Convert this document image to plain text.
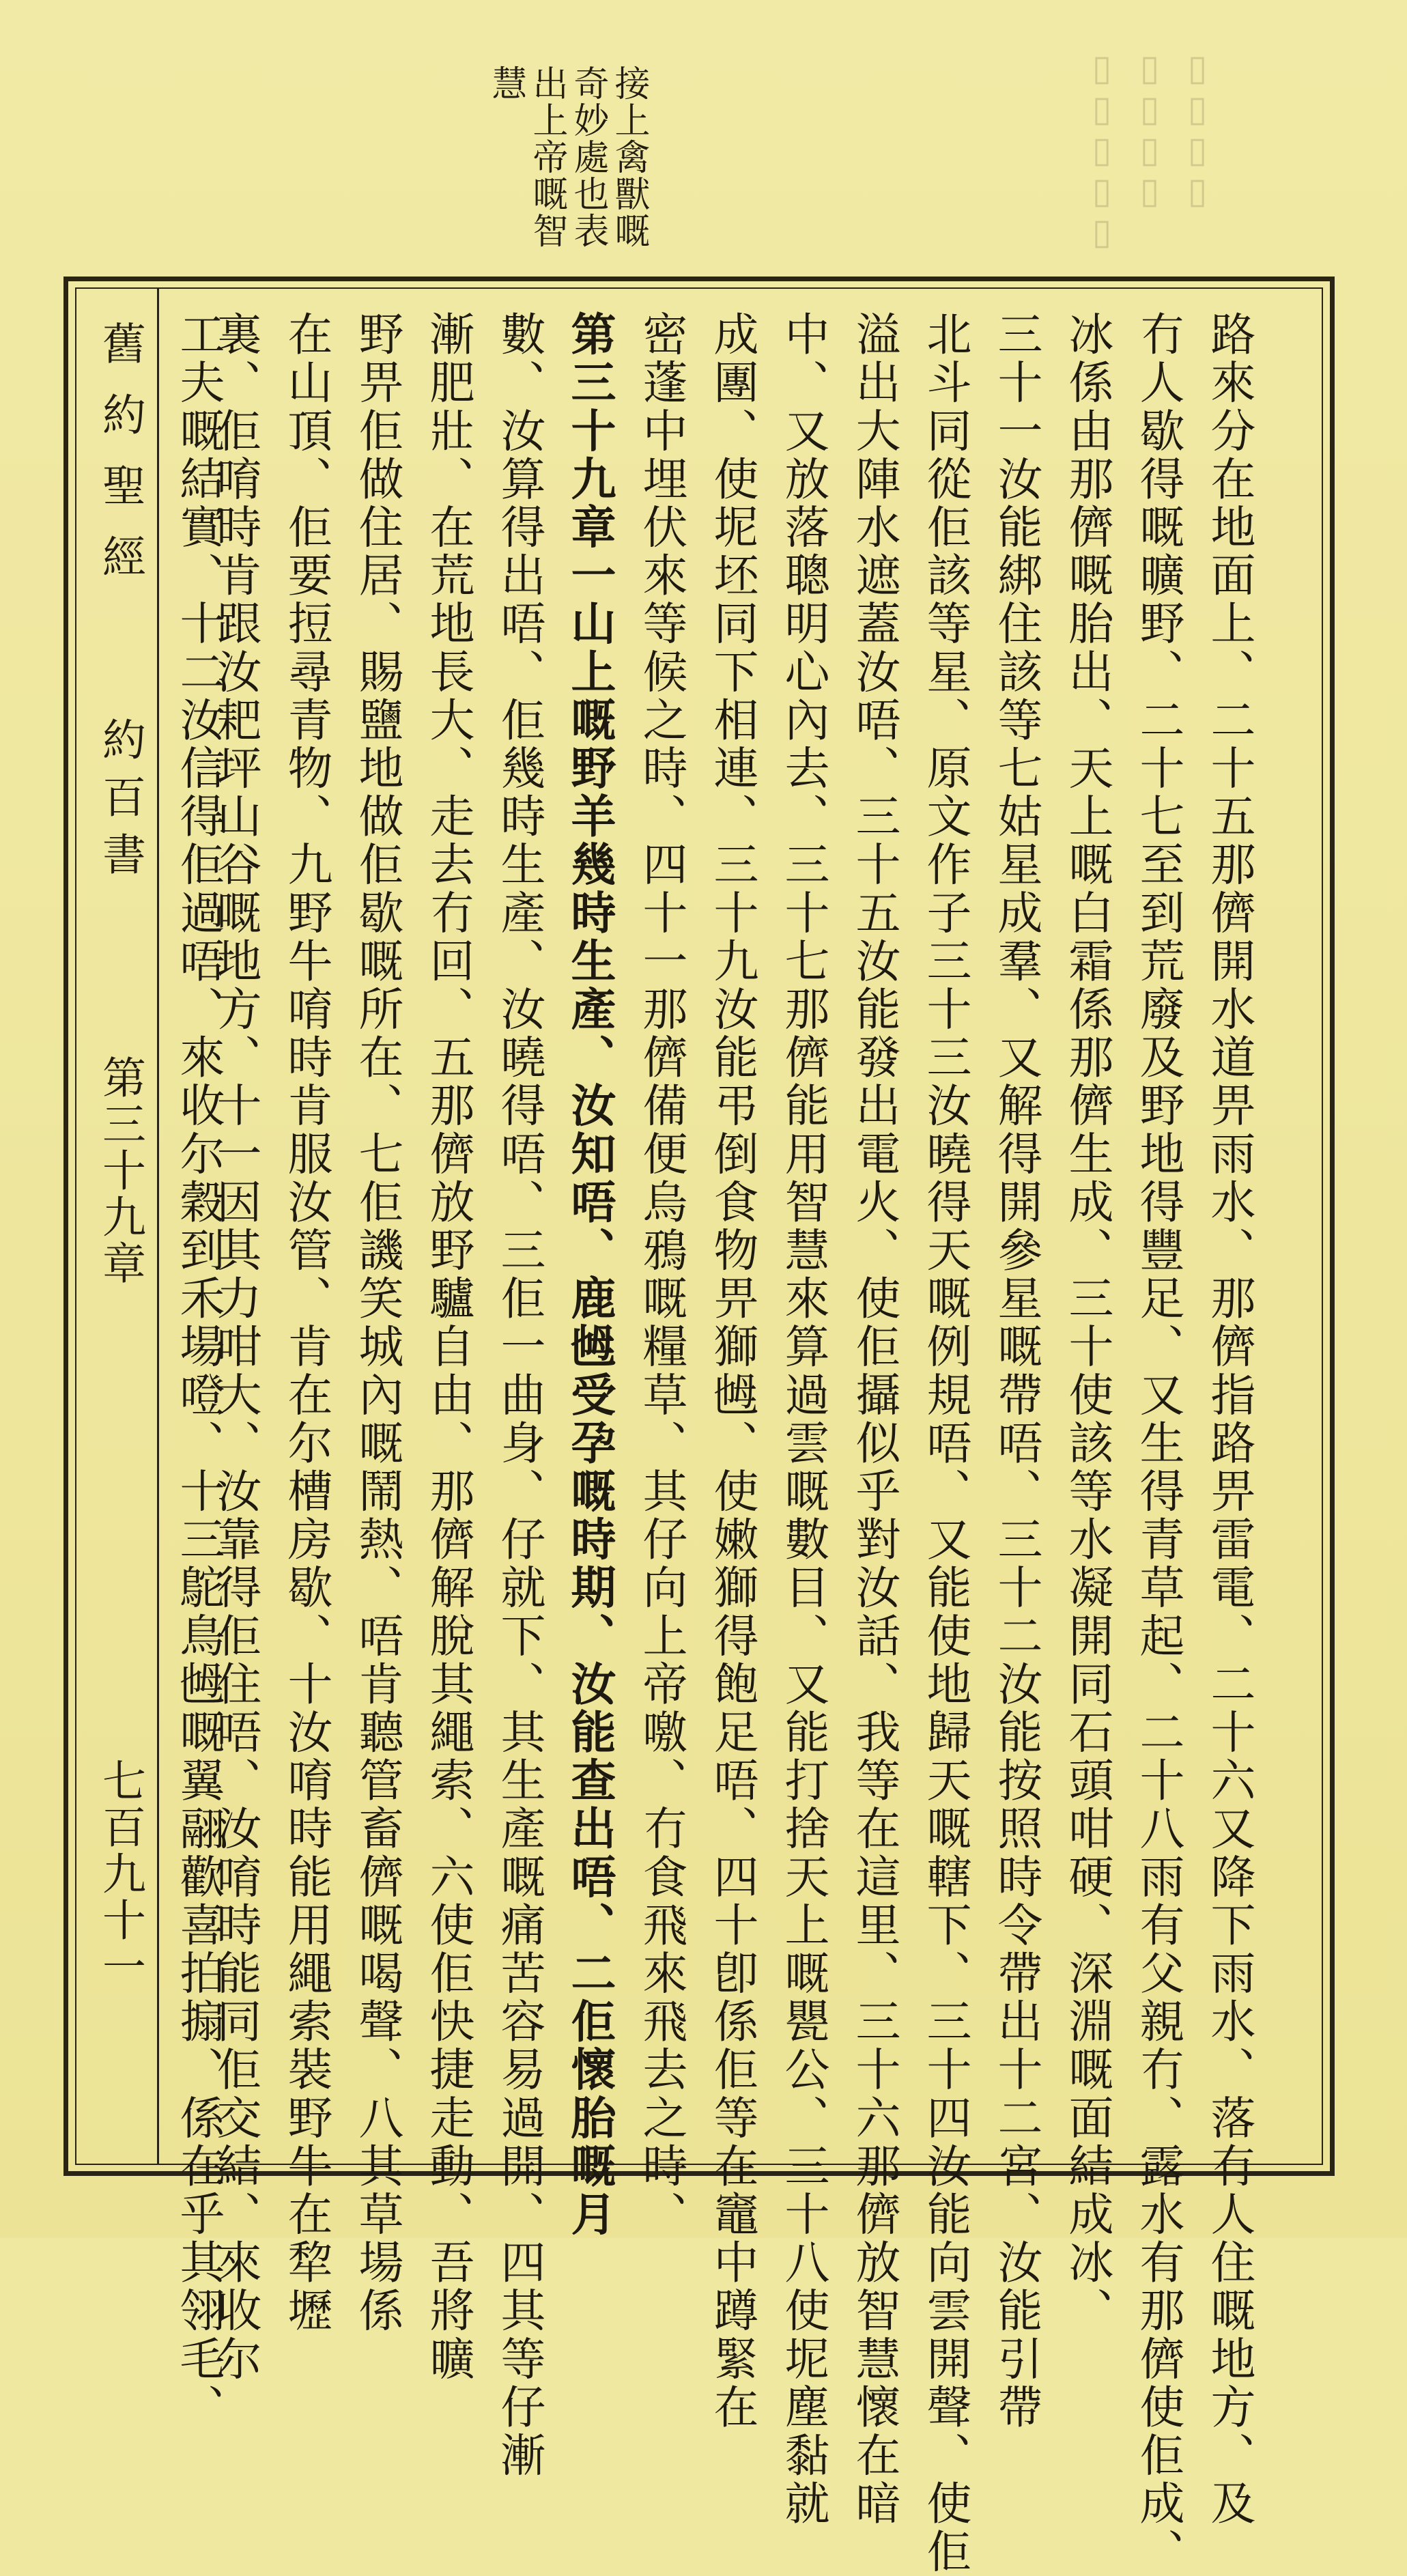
▯▯▯▯▯ ▯▯▯▯ ▯▯▯▯
接上禽獸嘅
奇妙處也表
出上帝嘅智
慧
舊約聖經
約百書
第三十九章
七百九十一	路來分在地面上、二十五那儕開水道畀雨水、那儕指路畀雷電、二十六又降下雨水、落冇人住嘅地方、及
冇人歇得嘅曠野、二十七至到荒廢及野地得豐足、又生得青草起、二十八雨有父親冇、露水有那儕使佢成、
冰係由那儕嘅胎出、天上嘅白霜係那儕生成、三十使該等水凝開同石頭咁硬、深淵嘅面結成冰、
三十一汝能綁住該等七姑星成羣、又解得開參星嘅帶唔、三十二汝能按照時令帶出十二宮、汝能引帶
北斗同從佢該等星、原文作子三十三汝曉得天嘅例規唔、又能使地歸天嘅轄下、三十四汝能向雲開聲、使佢
溢出大陣水遮蓋汝唔、三十五汝能發出電火、使佢攝似乎對汝話、我等在這里、三十六那儕放智慧懷在暗
中、又放落聰明心內去、三十七那儕能用智慧來算過雲嘅數目、又能打捨天上嘅甖公、三十八使坭塵黏就
成團、使坭坯同下相連、三十九汝能弔倒食物畀獅乸、使嫩獅得飽足唔、四十卽係佢等在竈中蹲緊在
密蓬中埋伏來等候之時、四十一那儕備便烏鴉嘅糧草、其仔向上帝噭、冇食飛來飛去之時、
第三十九章一山上嘅野羊幾時生產、汝知唔、鹿乸受孕嘅時期、汝能查出唔、二佢懷胎嘅月
數、汝算得出唔、佢幾時生產、汝曉得唔、三佢一曲身、仔就下、其生產嘅痛苦容易過開、四其等仔漸
漸肥壯、在荒地長大、走去冇回、五那儕放野驢自由、那儕解脫其繩索、六使佢快捷走動、吾將曠
野畀佢做住居、賜鹽地做佢歇嘅所在、七佢譏笑城內嘅鬧熱、唔肯聽管畜儕嘅喝聲、八其草場係
在山頂、佢要𢭃尋青物、九野牛唷時肯服汝管、肯在尔槽房歇、十汝唷時能用繩索裝野牛在犂壢
裏、佢唷時肯跟汝耙坪山谷嘅地方、十一因其力咁大、汝靠得佢住唔、汝唷時能同佢交結、來收尔
工夫嘅結實、十二汝信得佢過唔、來收尔穀到禾場噔、十三鴕鳥乸嘅翼翮歡喜拍搧、係在乎其翎毛、
